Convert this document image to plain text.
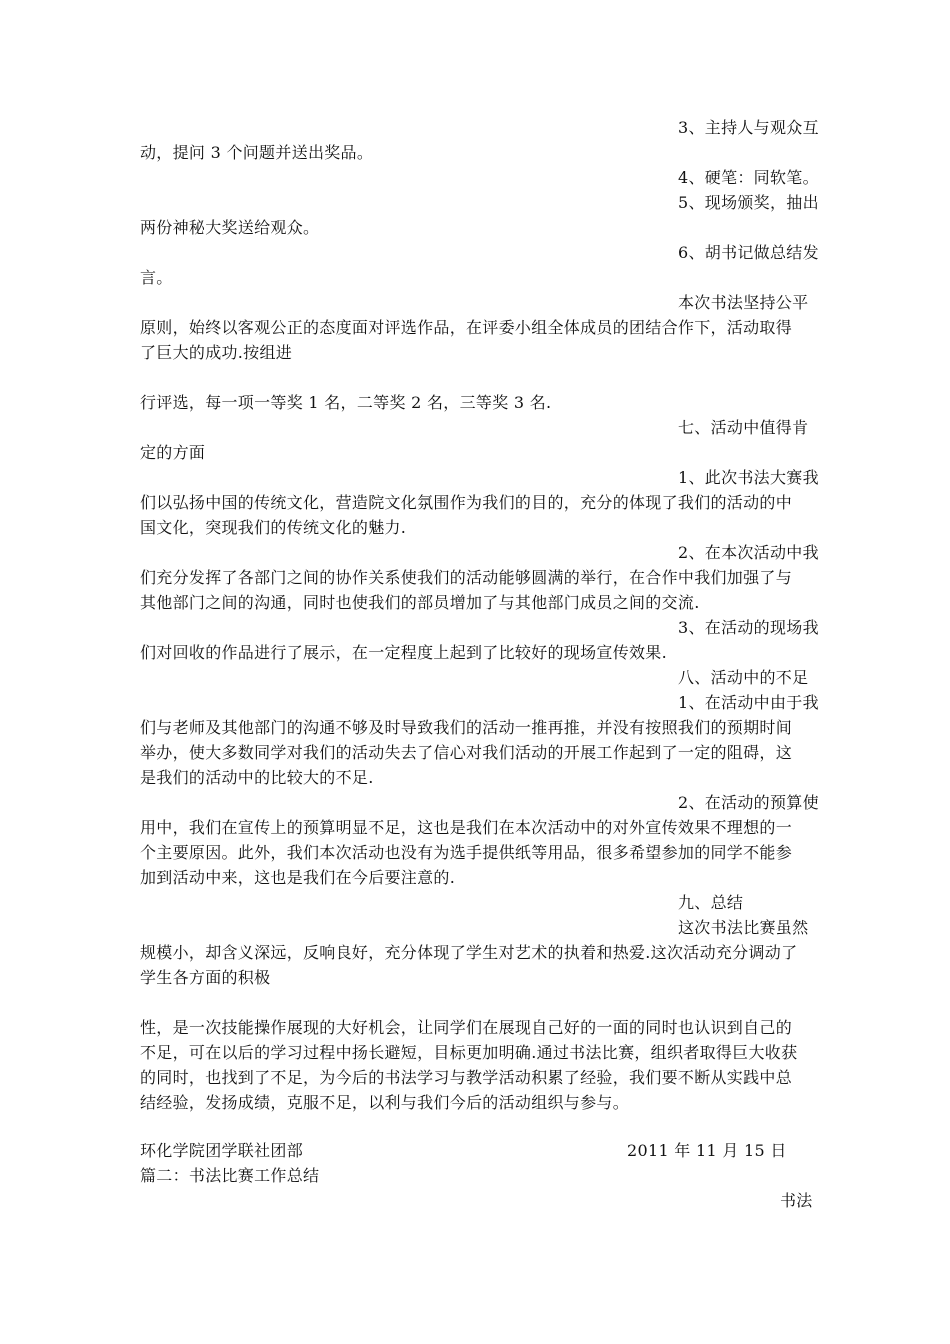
3、主持人与观众互
动，提问 3 个问题并送出奖品。
4、硬笔：同软笔。
5、现场颁奖，抽出
两份神秘大奖送给观众。
6、胡书记做总结发
言。
本次书法坚持公平
原则，始终以客观公正的态度面对评选作品，在评委小组全体成员的团结合作下，活动取得
了巨大的成功.按组进
行评选，每一项一等奖 1 名，二等奖 2 名，三等奖 3 名.
七、活动中值得肯
定的方面
1、此次书法大赛我
们以弘扬中国的传统文化，营造院文化氛围作为我们的目的，充分的体现了我们的活动的中
国文化，突现我们的传统文化的魅力.
2、在本次活动中我
们充分发挥了各部门之间的协作关系使我们的活动能够圆满的举行，在合作中我们加强了与
其他部门之间的沟通，同时也使我们的部员增加了与其他部门成员之间的交流.
3、在活动的现场我
们对回收的作品进行了展示，在一定程度上起到了比较好的现场宣传效果.
八、活动中的不足
1、在活动中由于我
们与老师及其他部门的沟通不够及时导致我们的活动一推再推，并没有按照我们的预期时间
举办，使大多数同学对我们的活动失去了信心对我们活动的开展工作起到了一定的阻碍，这
是我们的活动中的比较大的不足.
2、在活动的预算使
用中，我们在宣传上的预算明显不足，这也是我们在本次活动中的对外宣传效果不理想的一
个主要原因。此外，我们本次活动也没有为选手提供纸等用品，很多希望参加的同学不能参
加到活动中来，这也是我们在今后要注意的.
九、总结
这次书法比赛虽然
规模小，却含义深远，反响良好，充分体现了学生对艺术的执着和热爱.这次活动充分调动了
学生各方面的积极
性，是一次技能操作展现的大好机会，让同学们在展现自己好的一面的同时也认识到自己的
不足，可在以后的学习过程中扬长避短，目标更加明确.通过书法比赛，组织者取得巨大收获
的同时，也找到了不足，为今后的书法学习与教学活动积累了经验，我们要不断从实践中总
结经验，发扬成绩，克服不足，以利与我们今后的活动组织与参与。
环化学院团学联社团部	2011 年 11 月 15 日
篇二：书法比赛工作总结
书法
